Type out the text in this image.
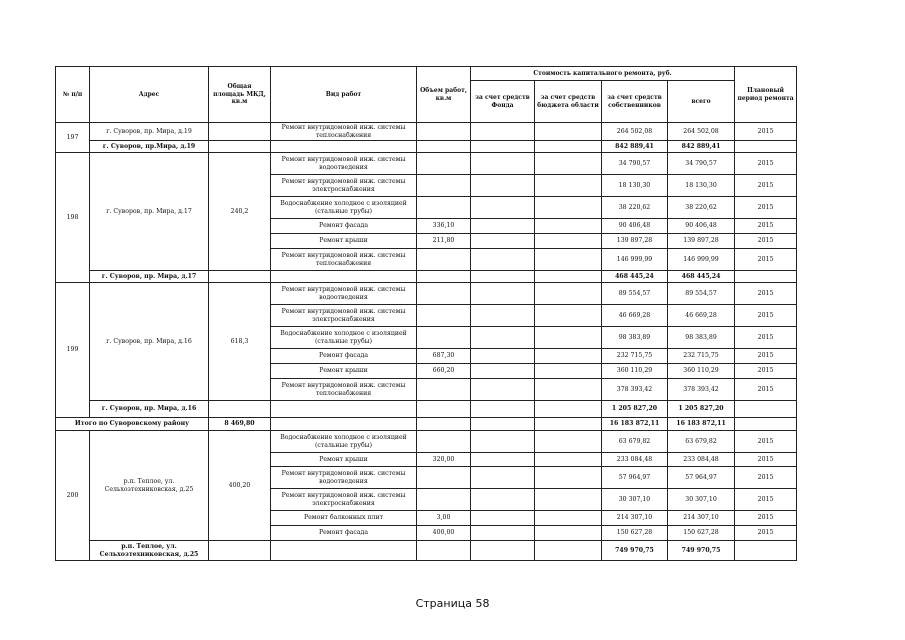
№ п/п	Адрес	Общая площадь МКД, кв.м	Вид работ	Объем работ, кв.м	Стоимость капитального ремонта, руб.				Плановый период ремонта
					за счет средств Фонда	за счет средств бюджета области	за счет средств собственников	всего	
197	г. Суворов, пр. Мира, д.19		Ремонт внутридомовой инж. системы теплоснабжения				264 502,08	264 502,08	2015
	г. Суворов, пр.Мира, д.19						842 889,41	842 889,41	
198	г. Суворов, пр. Мира, д.17	240,2	Ремонт внутридомовой инж. системы водоотведения				34 790,57	34 790,57	2015
			Ремонт внутридомовой инж. системы электроснабжения				18 130,30	18 130,30	2015
			Водоснабжение холодное с изоляцией (стальные трубы)				38 220,62	38 220,62	2015
			Ремонт фасада	336,10			90 406,48	90 406,48	2015
			Ремонт крыши	211,80			139 897,28	139 897,28	2015
			Ремонт внутридомовой инж. системы теплоснабжения				146 999,99	146 999,99	2015
	г. Суворов, пр. Мира, д.17						468 445,24	468 445,24	
199	г. Суворов, пр. Мира, д.16	618,3	Ремонт внутридомовой инж. системы водоотведения				89 554,57	89 554,57	2015
			Ремонт внутридомовой инж. системы электроснабжения				46 669,28	46 669,28	2015
			Водоснабжение холодное с изоляцией (стальные трубы)				98 383,89	98 383,89	2015
			Ремонт фасада	687,30			232 715,75	232 715,75	2015
			Ремонт крыши	660,20			360 110,29	360 110,29	2015
			Ремонт внутридомовой инж. системы теплоснабжения				378 393,42	378 393,42	2015
	г. Суворов, пр. Мира, д.16						1 205 827,20	1 205 827,20	
Итого по Суворовскому району		8 469,80					16 183 872,11	16 183 872,11	
200	р.п. Теплое, ул. Сельхозтехниковская, д.25	400,20	Водоснабжение холодное с изоляцией (стальные трубы)				63 679,82	63 679,82	2015
			Ремонт крыши	320,00			233 084,48	233 084,48	2015
			Ремонт внутридомовой инж. системы водоотведения				57 964,97	57 964,97	2015
			Ремонт внутридомовой инж. системы электроснабжения				30 307,10	30 307,10	2015
			Ремонт балконных плит	3,00			214 307,10	214 307,10	2015
			Ремонт фасада	400,00			150 627,28	150 627,28	2015
	р.п. Теплое, ул. Сельхозтехниковская, д.25						749 970,75	749 970,75	
Страница 58
